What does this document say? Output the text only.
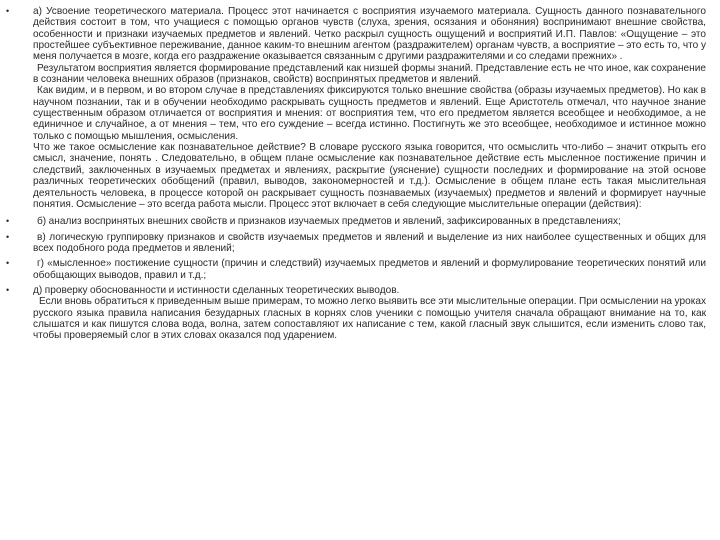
• а) Усвоение теоретического материала. Процесс этот начинается с восприятия изучаемого материала. Сущность данного познавательного действия состоит в том, что учащиеся с помощью органов чувств (слуха, зрения, осязания и обоняния) воспринимают внешние свойства, особенности и признаки изучаемых предметов и явлений. Четко раскрыл сущность ощущений и восприятий И.П. Павлов: «Ощущение – это простейшее субъективное переживание, данное каким-то внешним агентом (раздражителем) органам чувств, а восприятие – это есть то, что у меня получается в мозге, когда его раздражение оказывается связанным с другими раздражителями и со следами прежних» .
Результатом восприятия является формирование представлений как низшей формы знаний. Представление есть не что иное, как сохранение в сознании человека внешних образов (признаков, свойств) воспринятых предметов и явлений.
Как видим, и в первом, и во втором случае в представлениях фиксируются только внешние свойства (образы изучаемых предметов). Но как в научном познании, так и в обучении необходимо раскрывать сущность предметов и явлений. Еще Аристотель отмечал, что научное знание существенным образом отличается от восприятия и мнения: от восприятия тем, что его предметом является всеобщее и необходимое, а не единичное и случайное, а от мнения – тем, что его суждение – всегда истинно. Постигнуть же это всеобщее, необходимое и истинное можно только с помощью мышления, осмысления.
Что же такое осмысление как познавательное действие? В словаре русского языка говорится, что осмыслить что-либо – значит открыть его смысл, значение, понять . Следовательно, в общем плане осмысление как познавательное действие есть мысленное постижение причин и следствий, заключенных в изучаемых предметах и явлениях, раскрытие (уяснение) сущности последних и формирование на этой основе различных теоретических обобщений (правил, выводов, закономерностей и т.д.). Осмысление в общем плане есть такая мыслительная деятельность человека, в процессе которой он раскрывает сущность познаваемых (изучаемых) предметов и явлений и формирует научные понятия. Осмысление – это всегда работа мысли. Процесс этот включает в себя следующие мыслительные операции (действия):
•	б) анализ воспринятых внешних свойств и признаков изучаемых предметов и явлений, зафиксированных в представлениях;
•	в) логическую группировку признаков и свойств изучаемых предметов и явлений и выделение из них наиболее существенных и общих для всех подобного рода предметов и явлений;
•	г) «мысленное» постижение сущности (причин и следствий) изучаемых предметов и явлений и формулирование теоретических понятий или обобщающих выводов, правил и т.д.;
• д) проверку обоснованности и истинности сделанных теоретических выводов.
Если вновь обратиться к приведенным выше примерам, то можно легко выявить все эти мыслительные операции. При осмыслении на уроках русского языка правила написания безударных гласных в корнях слов ученики с помощью учителя сначала обращают внимание на то, как слышатся и как пишутся слова вода, волна, затем сопоставляют их написание с тем, какой гласный звук слышится, если изменить слово так, чтобы проверяемый слог в этих словах оказался под ударением.
